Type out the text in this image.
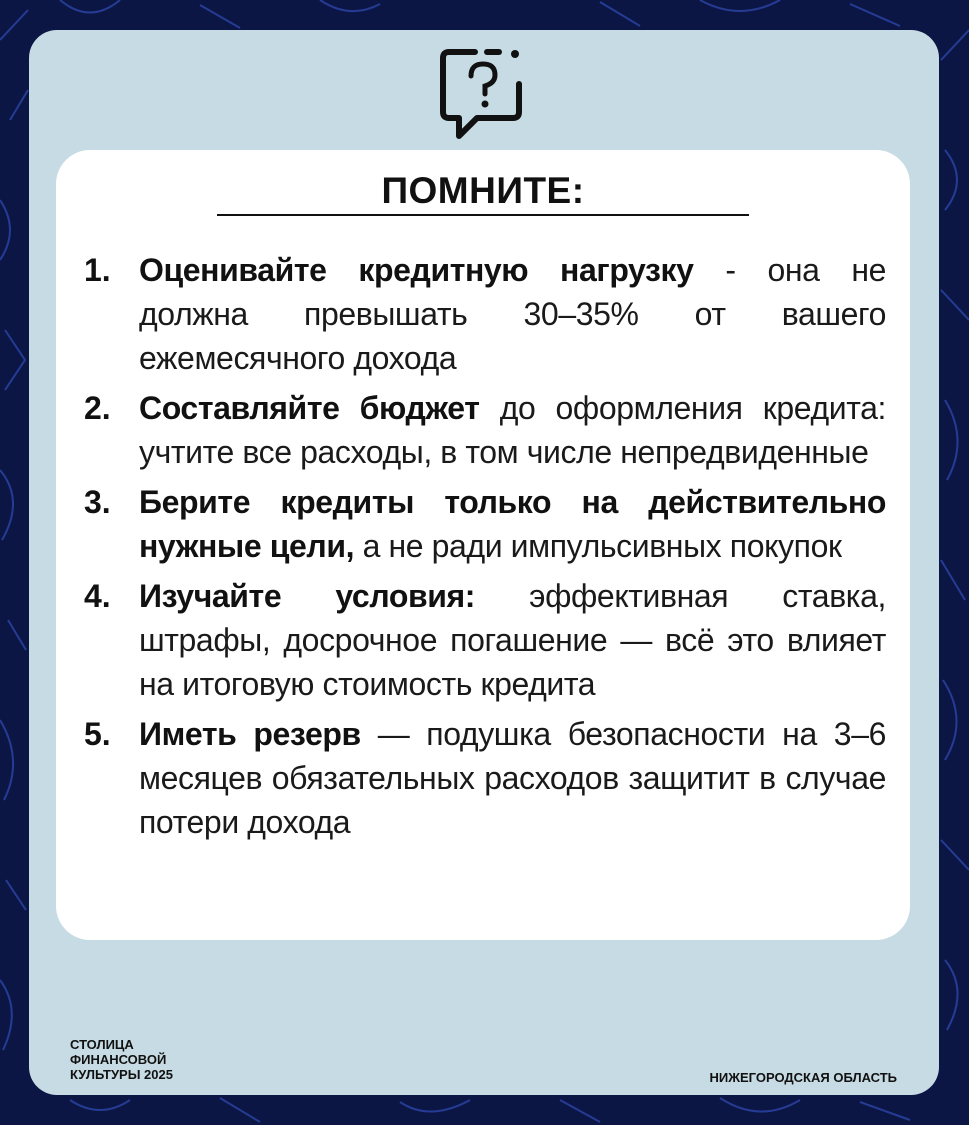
ПОМНИТЕ:
1. Оценивайте кредитную нагрузку - она не должна превышать 30–35% от вашего ежемесячного дохода
2. Составляйте бюджет до оформления кредита: учтите все расходы, в том числе непредвиденные
3. Берите кредиты только на действительно нужные цели, а не ради импульсивных покупок
4. Изучайте условия: эффективная ставка, штрафы, досрочное погашение — всё это влияет на итоговую стоимость кредита
5. Иметь резерв — подушка безопасности на 3–6 месяцев обязательных расходов защитит в случае потери дохода
СТОЛИЦА
ФИНАНСОВОЙ
КУЛЬТУРЫ 2025	НИЖЕГОРОДСКАЯ ОБЛАСТЬ
